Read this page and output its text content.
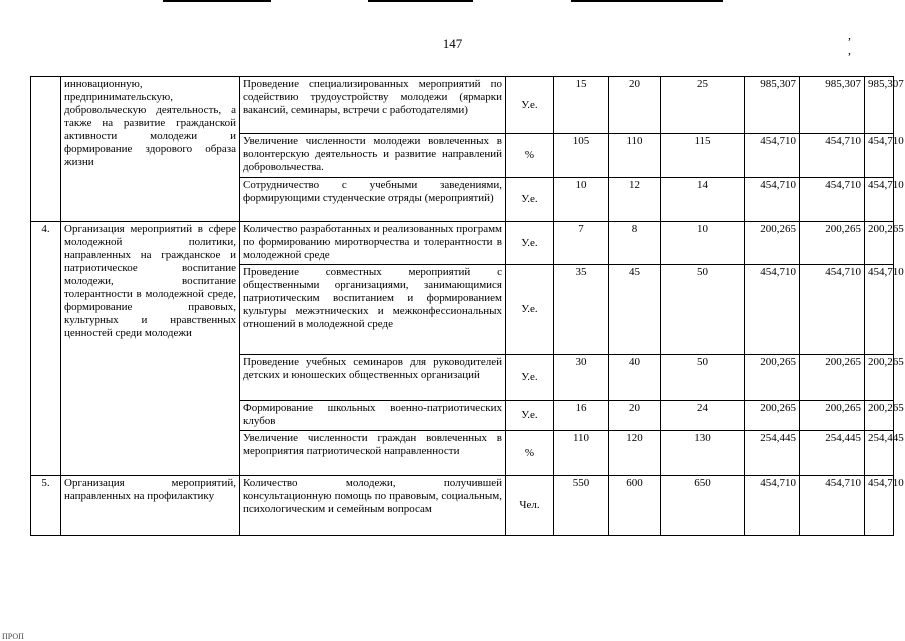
147
, ,
	инновационную, предпринимательскую, добровольческую деятельность, а также на развитие гражданской активности молодежи и формирование здорового образа жизни	Проведение специализированных мероприятий по содействию трудоустройству молодежи (ярмарки вакансий, семинары, встречи с работодателями)	У.е.	15	20	25	985,307	985,307	985,307
		Увеличение численности молодежи вовлеченных в волонтерскую деятельность и развитие направлений добровольчества.	%	105	110	115	454,710	454,710	454,710
		Сотрудничество с учебными заведениями, формирующими студенческие отряды (мероприятий)	У.е.	10	12	14	454,710	454,710	454,710
4.	Организация мероприятий в сфере молодежной политики, направленных на гражданское и патриотическое воспитание молодежи, воспитание толерантности в молодежной среде, формирование правовых, культурных и нравственных ценностей среди молодежи	Количество разработанных и реализованных программ по формированию миротворчества и толерантности в молодежной среде	У.е.	7	8	10	200,265	200,265	200,265
		Проведение совместных мероприятий с общественными организациями, занимающимися патриотическим воспитанием и формированием культуры межэтнических и межконфессиональных отношений в молодежной среде	У.е.	35	45	50	454,710	454,710	454,710
		Проведение учебных семинаров для руководителей детских и юношеских общественных организаций	У.е.	30	40	50	200,265	200,265	200,265
		Формирование школьных военно-патриотических клубов	У.е.	16	20	24	200,265	200,265	200,265
		Увеличение численности граждан вовлеченных в мероприятия патриотической направленности	%	110	120	130	254,445	254,445	254,445
5.	Организация мероприятий, направленных на профилактику	Количество молодежи, получившей консультационную помощь по правовым, социальным, психологическим и семейным вопросам	Чел.	550	600	650	454,710	454,710	454,710
ПРОП
